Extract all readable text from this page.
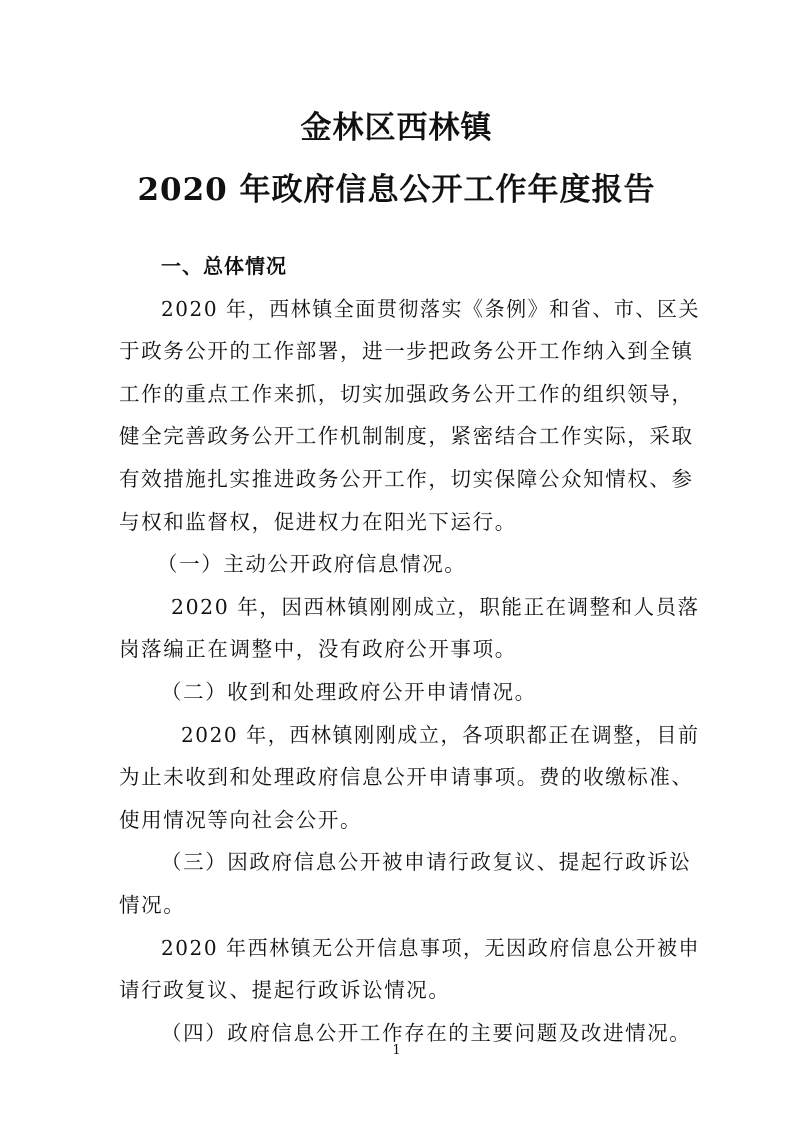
金林区西林镇
2020 年政府信息公开工作年度报告
一、总体情况
2020 年，西林镇全面贯彻落实《条例》和省、市、区关
于政务公开的工作部署，进一步把政务公开工作纳入到全镇
工作的重点工作来抓，切实加强政务公开工作的组织领导，
健全完善政务公开工作机制制度，紧密结合工作实际，采取
有效措施扎实推进政务公开工作，切实保障公众知情权、参
与权和监督权，促进权力在阳光下运行。
（一）主动公开政府信息情况。
2020 年，因西林镇刚刚成立，职能正在调整和人员落
岗落编正在调整中，没有政府公开事项。
（二）收到和处理政府公开申请情况。
2020 年，西林镇刚刚成立，各项职都正在调整，目前
为止未收到和处理政府信息公开申请事项。费的收缴标准、
使用情况等向社会公开。
（三）因政府信息公开被申请行政复议、提起行政诉讼
情况。
2020 年西林镇无公开信息事项，无因政府信息公开被申
请行政复议、提起行政诉讼情况。
（四）政府信息公开工作存在的主要问题及改进情况。
1
